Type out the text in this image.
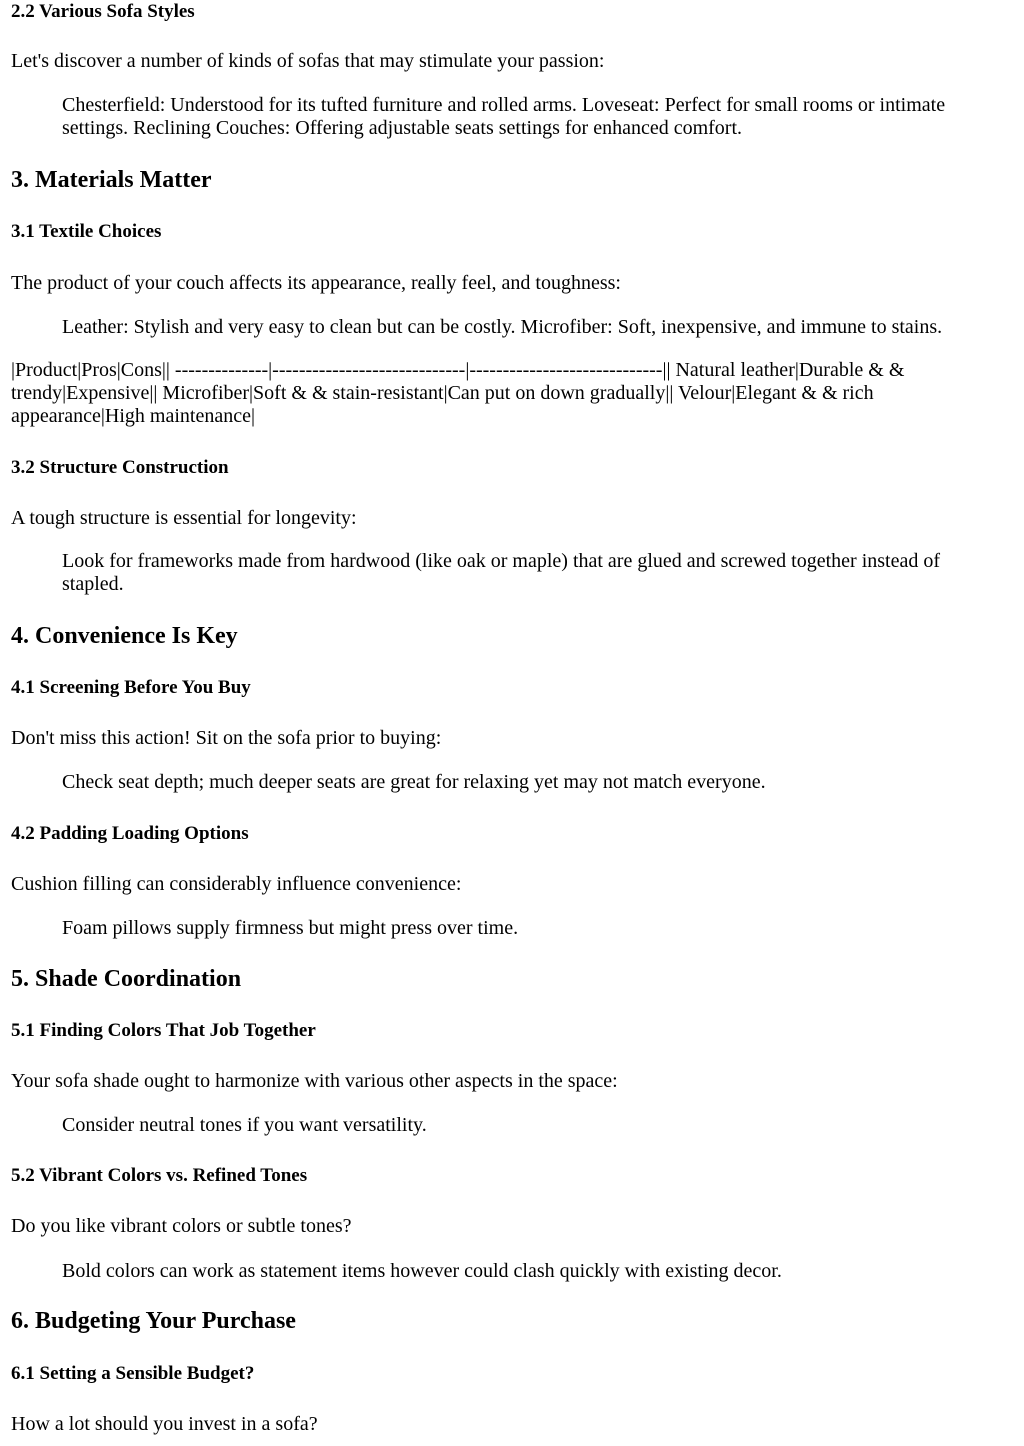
2.2 Various Sofa Styles

Let's discover a number of kinds of sofas that may stimulate your passion:

Chesterfield: Understood for its tufted furniture and rolled arms. Loveseat: Perfect for small rooms or intimate settings. Reclining Couches: Offering adjustable seats settings for enhanced comfort.
3. Materials Matter
3.1 Textile Choices

The product of your couch affects its appearance, really feel, and toughness:

Leather: Stylish and very easy to clean but can be costly. Microfiber: Soft, inexpensive, and immune to stains.

|Product|Pros|Cons|| --------------|-----------------------------|-----------------------------|| Natural leather|Durable & & trendy|Expensive|| Microfiber|Soft & & stain-resistant|Can put on down gradually|| Velour|Elegant & & rich appearance|High maintenance|

3.2 Structure Construction

A tough structure is essential for longevity:

Look for frameworks made from hardwood (like oak or maple) that are glued and screwed together instead of stapled.
4. Convenience Is Key
4.1 Screening Before You Buy

Don't miss this action! Sit on the sofa prior to buying:

Check seat depth; much deeper seats are great for relaxing yet may not match everyone.
4.2 Padding Loading Options

Cushion filling can considerably influence convenience:

Foam pillows supply firmness but might press over time.
5. Shade Coordination
5.1 Finding Colors That Job Together

Your sofa shade ought to harmonize with various other aspects in the space:

Consider neutral tones if you want versatility.
5.2 Vibrant Colors vs. Refined Tones

Do you like vibrant colors or subtle tones?

Bold colors can work as statement items however could clash quickly with existing decor.
6. Budgeting Your Purchase
6.1 Setting a Sensible Budget?

How a lot should you invest in a sofa?
